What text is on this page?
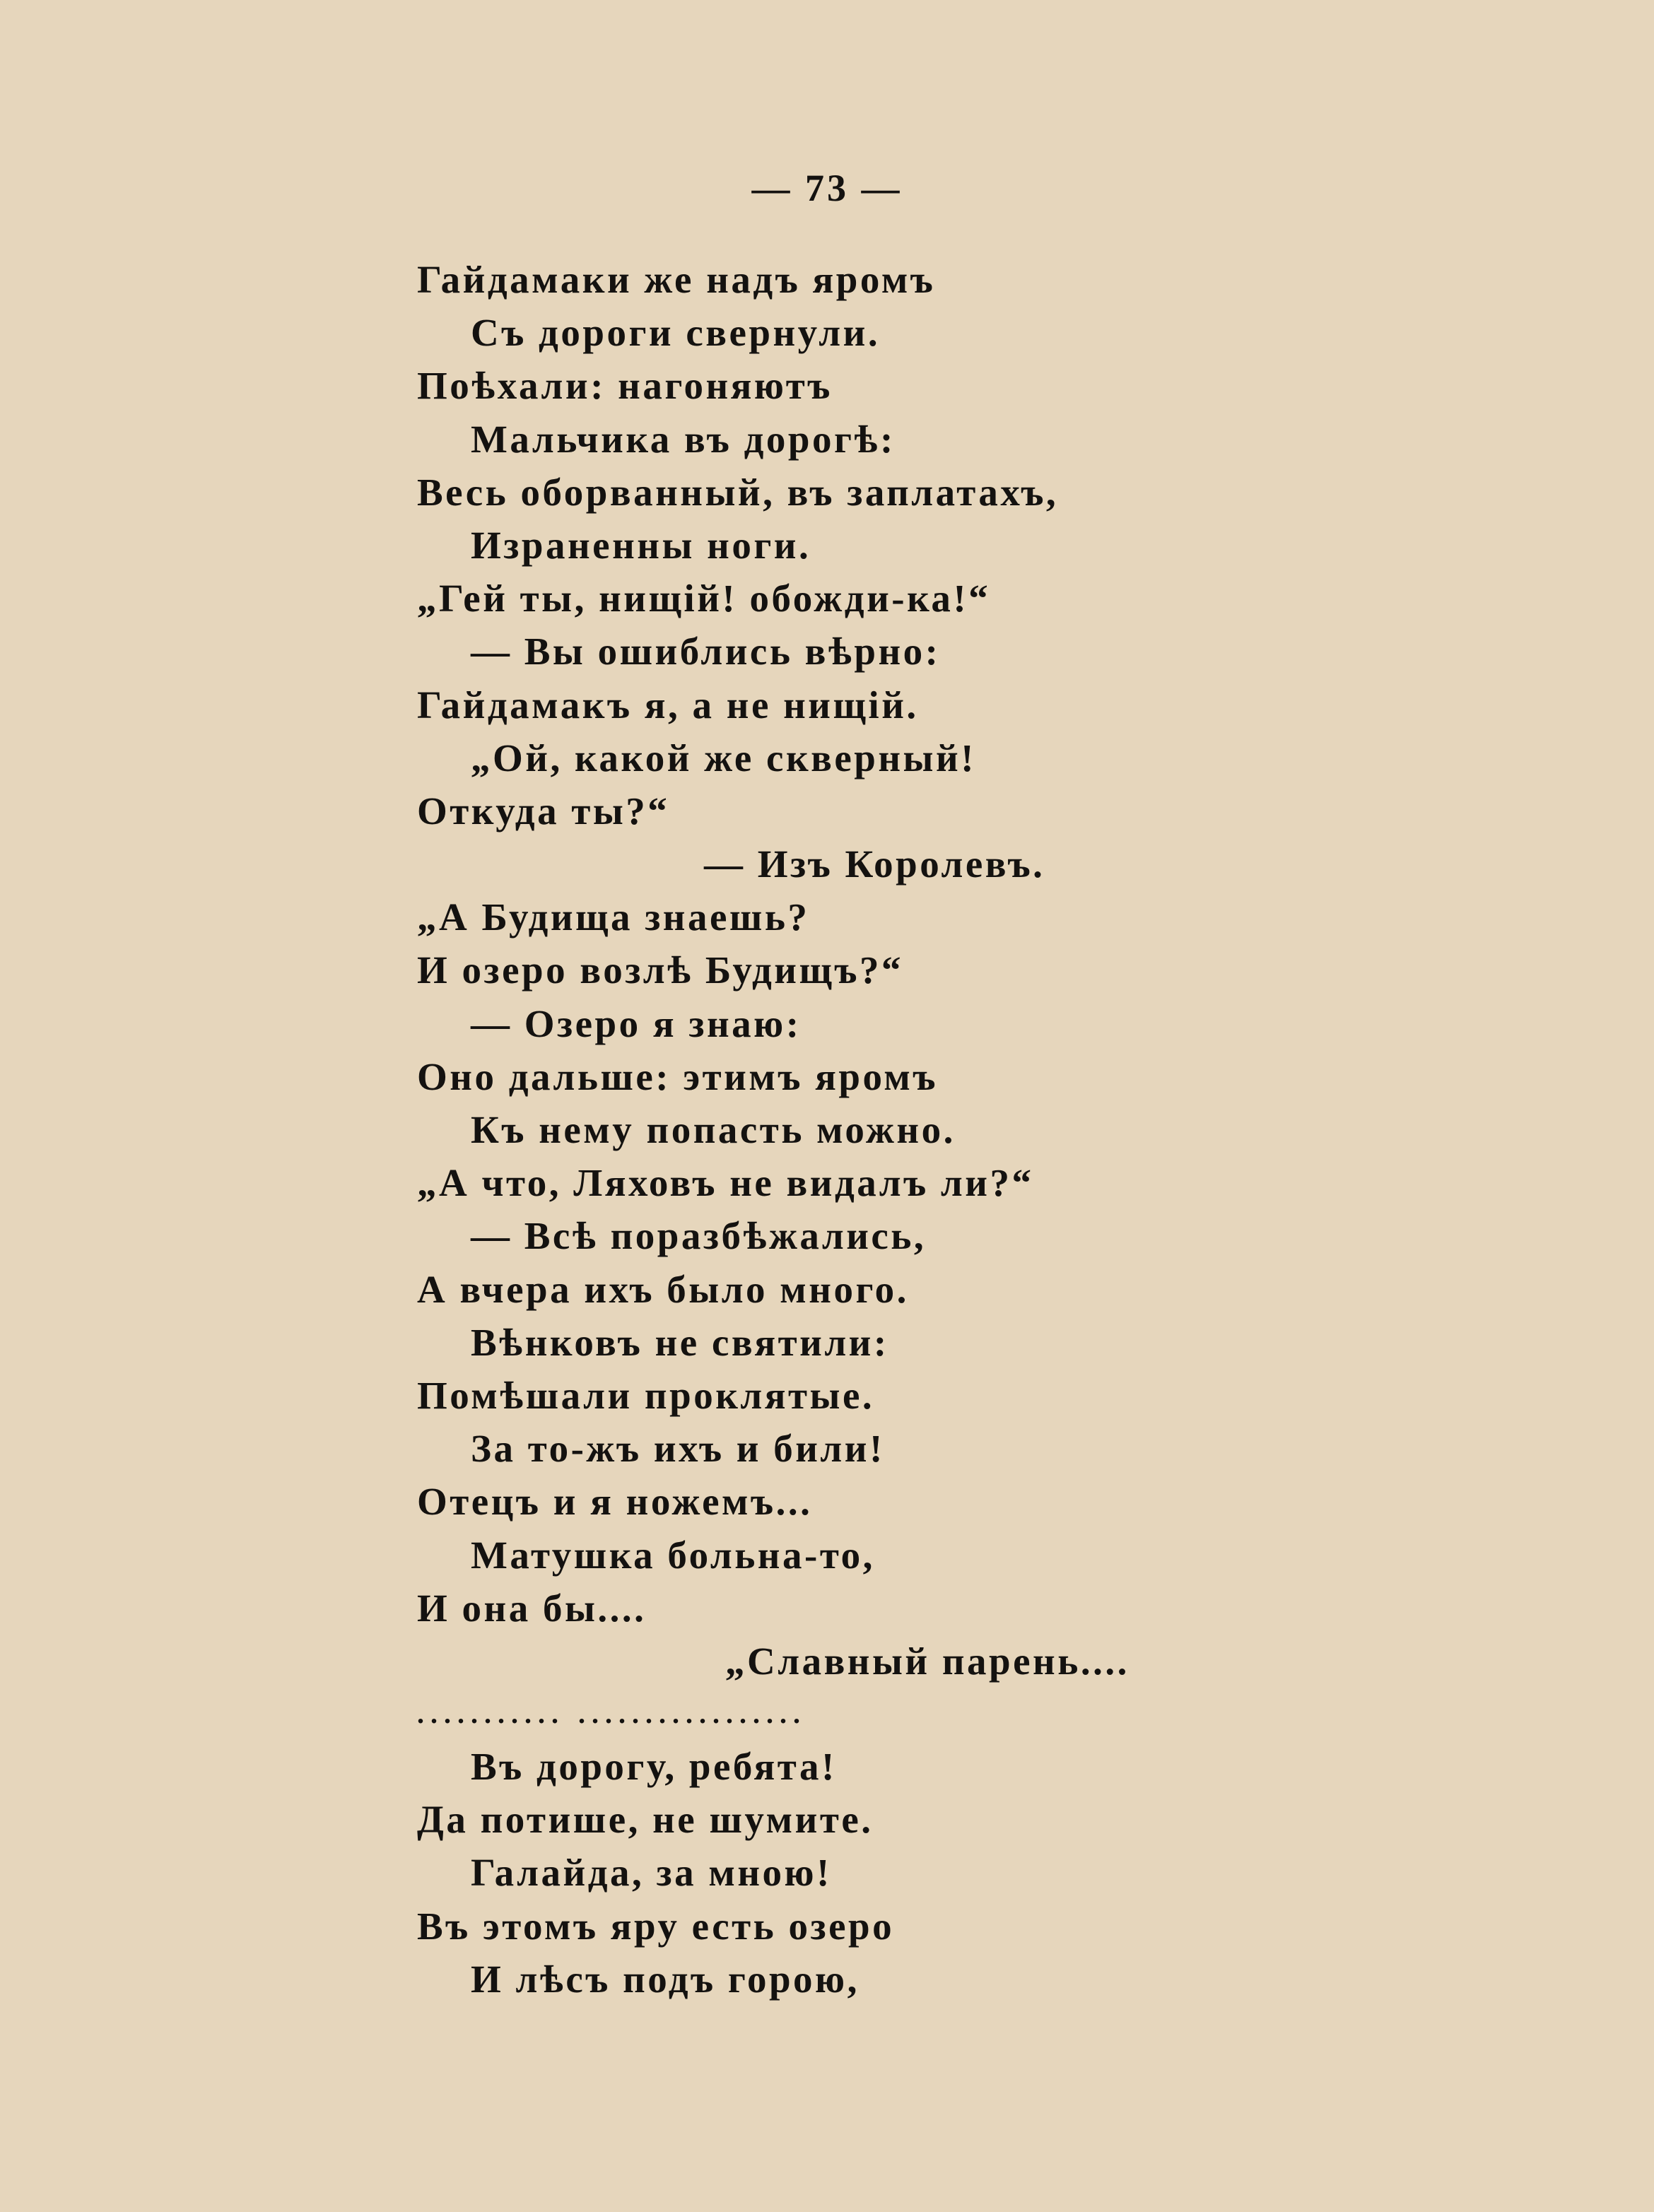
— 73 —
Гайдамаки же надъ яромъ
Съ дороги свернули.
Поѣхали: нагоняютъ
Мальчика въ дорогѣ:
Весь оборванный, въ заплатахъ,
Израненны ноги.
„Гей ты, нищій! обожди-ка!“
— Вы ошиблись вѣрно:
Гайдамакъ я, а не нищій.
„Ой, какой же скверный!
Откуда ты?“
— Изъ Королевъ.
„А Будища знаешь?
И озеро возлѣ Будищъ?“
— Озеро я знаю:
Оно дальше: этимъ яромъ
Къ нему попасть можно.
„А что, Ляховъ не видалъ ли?“
— Всѣ поразбѣжались,
А вчера ихъ было много.
Вѣнковъ не святили:
Помѣшали проклятые.
За то-жъ ихъ и били!
Отецъ и я ножемъ...
Матушка больна-то,
И она бы....
„Славный парень....
........... .................
Въ дорогу, ребята!
Да потише, не шумите.
Галайда, за мною!
Въ этомъ яру есть озеро
И лѣсъ подъ горою,
